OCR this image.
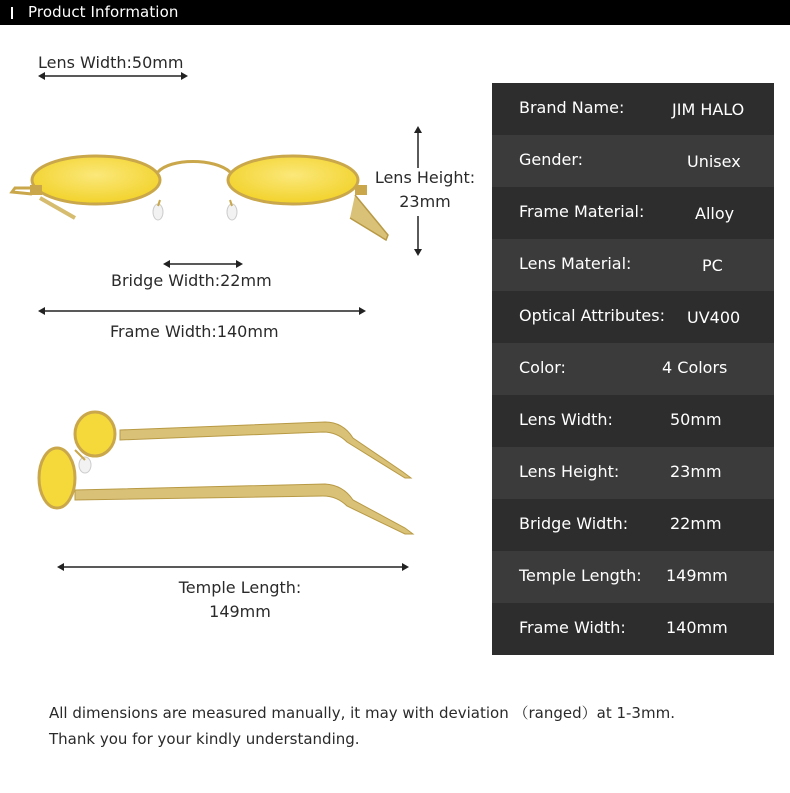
Product Information
Lens Width:50mm
Lens Height:
23mm
Bridge Width:22mm
Frame Width:140mm
Temple Length:
149mm
Brand Name:	JIM HALO
Gender:	Unisex
Frame Material:	Alloy
Lens Material:	PC
Optical Attributes: UV400
Color:	4 Colors
Lens Width:	50mm
Lens Height:	23mm
Bridge Width:	22mm
Temple Length: 149mm
Frame Width:	140mm
All dimensions are measured manually, it may with deviation （ranged）at 1-3mm.
Thank you for your kindly understanding.
